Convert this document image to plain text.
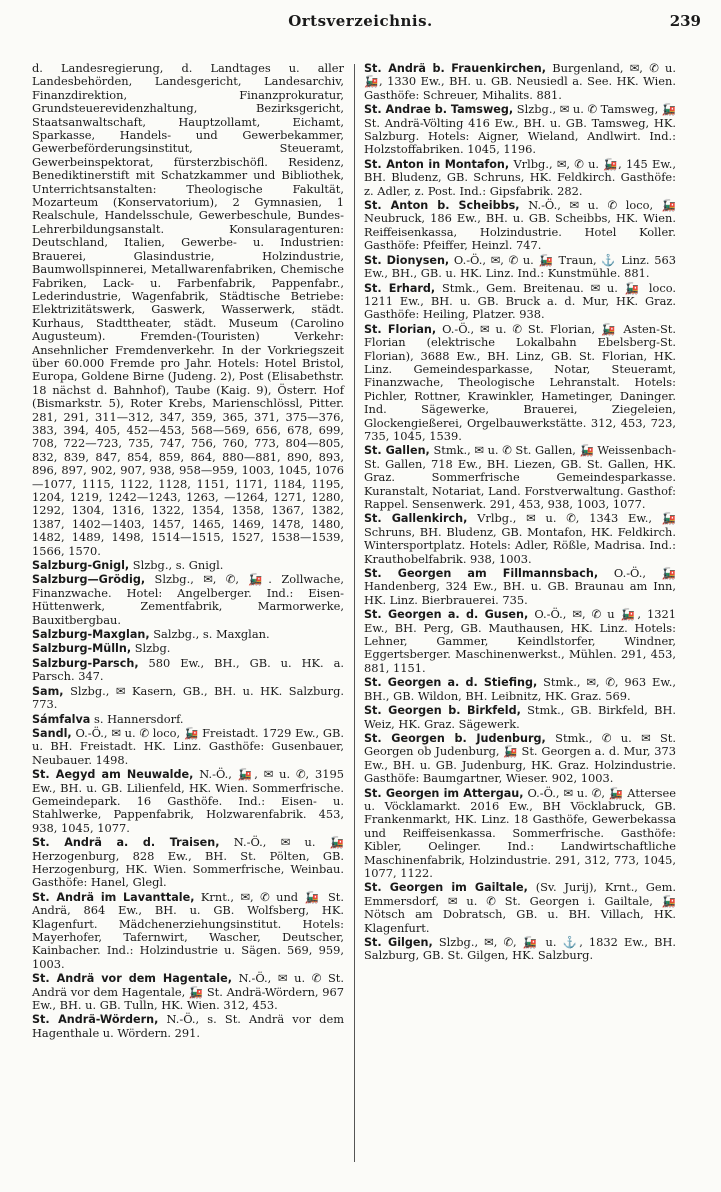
Ortsverzeichnis.	239

d. Landesregierung, d. Landtages u. aller Landesbehörden, Landesgericht, Landesarchiv, Finanzdirektion, Finanzprokuratur, Grundsteuerevidenzhaltung, Bezirksgericht, Staatsanwaltschaft, Hauptzollamt, Eichamt, Sparkasse, Handels- und Gewerbekammer, Gewerbeförderungsinstitut, Steueramt, Gewerbeinspektorat, fürsterzbischöfl. Residenz, Benediktinerstift mit Schatzkammer und Bibliothek, Unterrichtsanstalten: Theologische Fakultät, Mozarteum (Konservatorium), 2 Gymnasien, 1 Realschule, Handelsschule, Gewerbeschule, Bundes-Lehrerbildungsanstalt. Konsularagenturen: Deutschland, Italien, Gewerbe- u. Industrien: Brauerei, Glasindustrie, Holzindustrie, Baumwollspinnerei, Metallwarenfabriken, Chemische Fabriken, Lack- u. Farbenfabrik, Pappenfabr., Lederindustrie, Wagenfabrik, Städtische Betriebe: Elektrizitätswerk, Gaswerk, Wasserwerk, städt. Kurhaus, Stadttheater, städt. Museum (Carolino Augusteum). Fremden-(Touristen) Verkehr: Ansehnlicher Fremdenverkehr. In der Vorkriegszeit über 60.000 Fremde pro Jahr. Hotels: Hotel Bristol, Europa, Goldene Birne (Judeng. 2), Post (Elisabethstr. 18 nächst d. Bahnhof), Taube (Kaig. 9), Österr. Hof (Bismarkstr. 5), Roter Krebs, Marienschlössl, Pitter. 281, 291, 311—312, 347, 359, 365, 371, 375—376, 383, 394, 405, 452—453, 568—569, 656, 678, 699, 708, 722—723, 735, 747, 756, 760, 773, 804—805, 832, 839, 847, 854, 859, 864, 880—881, 890, 893, 896, 897, 902, 907, 938, 958—959, 1003, 1045, 1076—1077, 1115, 1122, 1128, 1151, 1171, 1184, 1195, 1204, 1219, 1242—1243, 1263, —1264, 1271, 1280, 1292, 1304, 1316, 1322, 1354, 1358, 1367, 1382, 1387, 1402—1403, 1457, 1465, 1469, 1478, 1480, 1482, 1489, 1498, 1514—1515, 1527, 1538—1539, 1566, 1570.

Salzburg-Gnigl, Slzbg., s. Gnigl.

Salzburg—Grödig, Slzbg., ✉, ✆, 🚂. Zollwache, Finanzwache. Hotel: Angelberger. Ind.: Eisen-Hüttenwerk, Zementfabrik, Marmorwerke, Bauxitbergbau.

Salzburg-Maxglan, Salzbg., s. Maxglan.

Salzburg-Mülln, Slzbg.

Salzburg-Parsch, 580 Ew., BH., GB. u. HK. a. Parsch. 347.

Sam, Slzbg., ✉ Kasern, GB., BH. u. HK. Salzburg. 773.

Sámfalva s. Hannersdorf.

Sandl, O.-Ö., ✉ u. ✆ loco, 🚂 Freistadt. 1729 Ew., GB. u. BH. Freistadt. HK. Linz. Gasthöfe: Gusenbauer, Neubauer. 1498.

St. Aegyd am Neuwalde, N.-Ö., 🚂, ✉ u. ✆, 3195 Ew., BH. u. GB. Lilienfeld, HK. Wien. Sommerfrische. Gemeindepark. 16 Gasthöfe. Ind.: Eisen- u. Stahlwerke, Pappenfabrik, Holzwarenfabrik. 453, 938, 1045, 1077.

St. Andrä a. d. Traisen, N.-Ö., ✉ u. 🚂 Herzogenburg, 828 Ew., BH. St. Pölten, GB. Herzogenburg, HK. Wien. Sommerfrische, Weinbau. Gasthöfe: Hanel, Glegl.

St. Andrä im Lavanttale, Krnt., ✉, ✆ und 🚂 St. Andrä, 864 Ew., BH. u. GB. Wolfsberg, HK. Klagenfurt. Mädchenerziehungsinstitut. Hotels: Mayerhofer, Tafernwirt, Wascher, Deutscher, Kainbacher. Ind.: Holzindustrie u. Sägen. 569, 959, 1003.

St. Andrä vor dem Hagentale, N.-Ö., ✉ u. ✆ St. Andrä vor dem Hagentale, 🚂 St. Andrä-Wördern, 967 Ew., BH. u. GB. Tulln, HK. Wien. 312, 453.

St. Andrä-Wördern, N.-Ö., s. St. Andrä vor dem Hagenthale u. Wördern. 291.

St. Andrä b. Frauenkirchen, Burgenland, ✉, ✆ u. 🚂, 1330 Ew., BH. u. GB. Neusiedl a. See. HK. Wien. Gasthöfe: Schreuer, Mihalits. 881.

St. Andrae b. Tamsweg, Slzbg., ✉ u. ✆ Tamsweg, 🚂 St. Andrä-Völting 416 Ew., BH. u. GB. Tamsweg, HK. Salzburg. Hotels: Aigner, Wieland, Andlwirt. Ind.: Holzstoffabriken. 1045, 1196.

St. Anton in Montafon, Vrlbg., ✉, ✆ u. 🚂, 145 Ew., BH. Bludenz, GB. Schruns, HK. Feldkirch. Gasthöfe: z. Adler, z. Post. Ind.: Gipsfabrik. 282.

St. Anton b. Scheibbs, N.-Ö., ✉ u. ✆ loco, 🚂 Neubruck, 186 Ew., BH. u. GB. Scheibbs, HK. Wien. Reiffeisenkassa, Holzindustrie. Hotel Koller. Gasthöfe: Pfeiffer, Heinzl. 747.

St. Dionysen, O.-Ö., ✉, ✆ u. 🚂 Traun, ⚓ Linz. 563 Ew., BH., GB. u. HK. Linz. Ind.: Kunstmühle. 881.

St. Erhard, Stmk., Gem. Breitenau. ✉ u. 🚂 loco. 1211 Ew., BH. u. GB. Bruck a. d. Mur, HK. Graz. Gasthöfe: Heiling, Platzer. 938.

St. Florian, O.-Ö., ✉ u. ✆ St. Florian, 🚂 Asten-St. Florian (elektrische Lokalbahn Ebelsberg-St. Florian), 3688 Ew., BH. Linz, GB. St. Florian, HK. Linz. Gemeindesparkasse, Notar, Steueramt, Finanzwache, Theologische Lehranstalt. Hotels: Pichler, Rottner, Krawinkler, Hametinger, Daninger. Ind. Sägewerke, Brauerei, Ziegeleien, Glockengießerei, Orgelbauwerkstätte. 312, 453, 723, 735, 1045, 1539.

St. Gallen, Stmk., ✉ u. ✆ St. Gallen, 🚂 Weissenbach-St. Gallen, 718 Ew., BH. Liezen, GB. St. Gallen, HK. Graz. Sommerfrische Gemeindesparkasse. Kuranstalt, Notariat, Land. Forstverwaltung. Gasthof: Rappel. Sensenwerk. 291, 453, 938, 1003, 1077.

St. Gallenkirch, Vrlbg., ✉ u. ✆, 1343 Ew., 🚂 Schruns, BH. Bludenz, GB. Montafon, HK. Feldkirch. Wintersportplatz. Hotels: Adler, Rößle, Madrisa. Ind.: Krauthobelfabrik. 938, 1003.

St. Georgen am Fillmannsbach, O.-Ö., 🚂 Handenberg, 324 Ew., BH. u. GB. Braunau am Inn, HK. Linz. Bierbrauerei. 735.

St. Georgen a. d. Gusen, O.-Ö., ✉, ✆ u 🚂, 1321 Ew., BH. Perg, GB. Mauthausen, HK. Linz. Hotels: Lehner, Gammer, Keindlstorfer, Windner, Eggertsberger. Maschinenwerkst., Mühlen. 291, 453, 881, 1151.

St. Georgen a. d. Stiefing, Stmk., ✉, ✆, 963 Ew., BH., GB. Wildon, BH. Leibnitz, HK. Graz. 569.

St. Georgen b. Birkfeld, Stmk., GB. Birkfeld, BH. Weiz, HK. Graz. Sägewerk.

St. Georgen b. Judenburg, Stmk., ✆ u. ✉ St. Georgen ob Judenburg, 🚂 St. Georgen a. d. Mur, 373 Ew., BH. u. GB. Judenburg, HK. Graz. Holzindustrie. Gasthöfe: Baumgartner, Wieser. 902, 1003.

St. Georgen im Attergau, O.-Ö., ✉ u. ✆, 🚂 Attersee u. Vöcklamarkt. 2016 Ew., BH Vöcklabruck, GB. Frankenmarkt, HK. Linz. 18 Gasthöfe, Gewerbekassa und Reiffeisenkassa. Sommerfrische. Gasthöfe: Kibler, Oelinger. Ind.: Landwirtschaftliche Maschinenfabrik, Holzindustrie. 291, 312, 773, 1045, 1077, 1122.

St. Georgen im Gailtale, (Sv. Jurij), Krnt., Gem. Emmersdorf, ✉ u. ✆ St. Georgen i. Gailtale, 🚂 Nötsch am Dobratsch, GB. u. BH. Villach, HK. Klagenfurt.

St. Gilgen, Slzbg., ✉, ✆, 🚂 u. ⚓, 1832 Ew., BH. Salzburg, GB. St. Gilgen, HK. Salzburg.
